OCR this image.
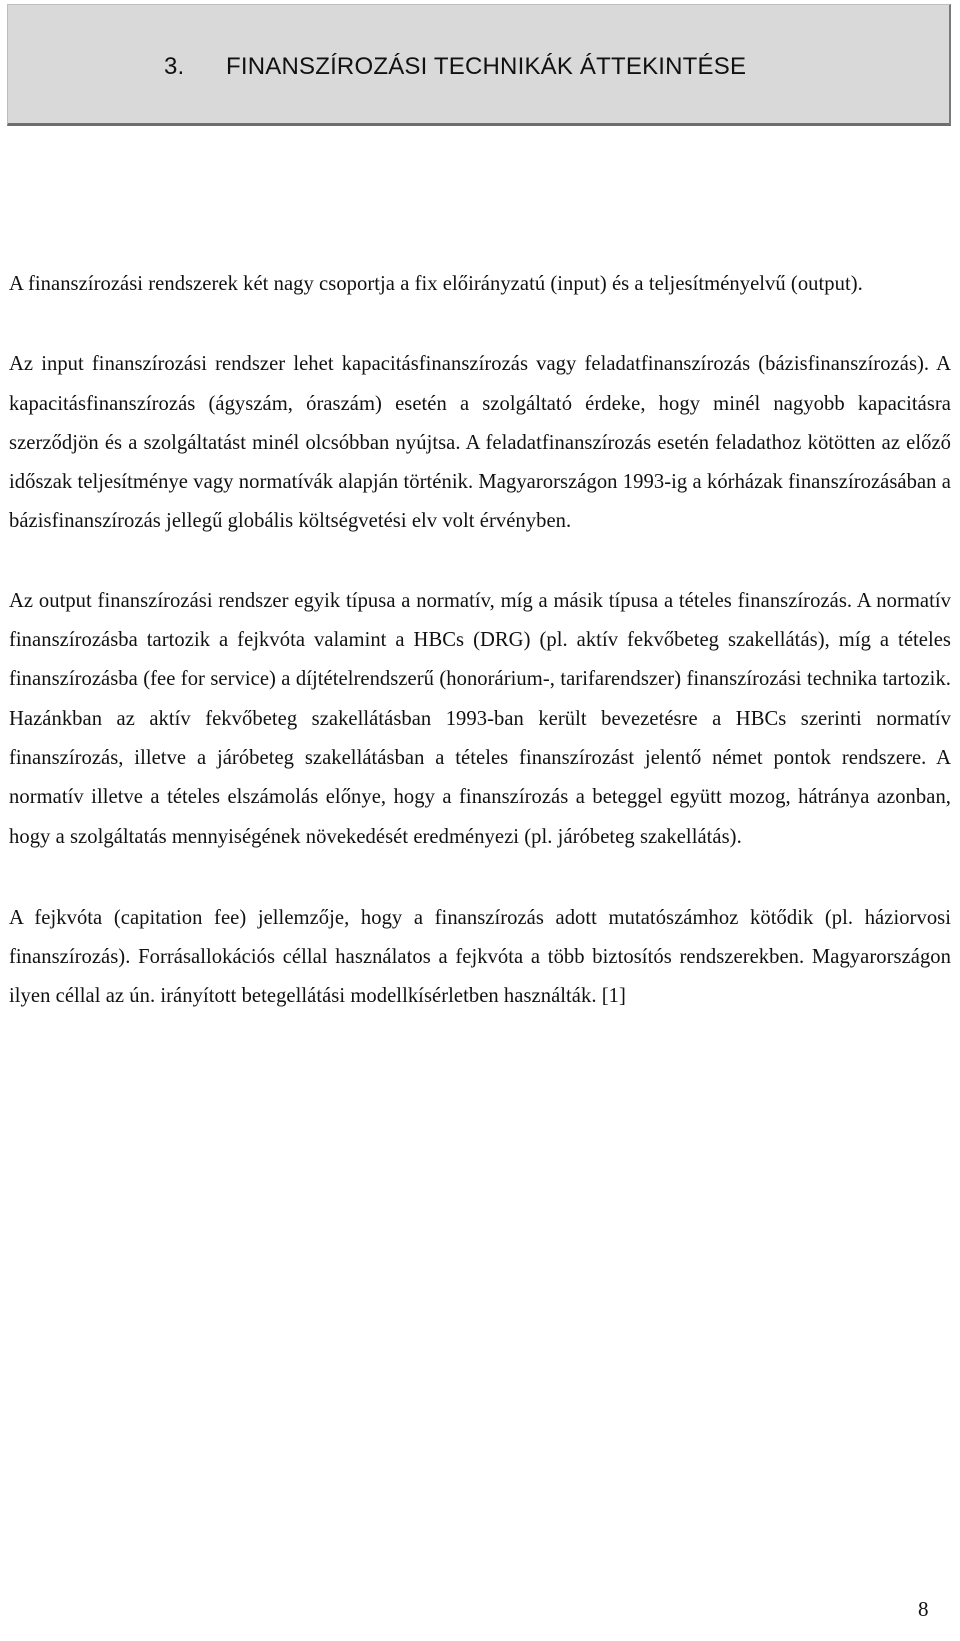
3. FINANSZÍROZÁSI TECHNIKÁK ÁTTEKINTÉSE

A finanszírozási rendszerek két nagy csoportja a fix előirányzatú (input) és a teljesítményelvű (output).

Az input finanszírozási rendszer lehet kapacitásfinanszírozás vagy feladatfinanszírozás (bázisfinanszírozás). A kapacitásfinanszírozás (ágyszám, óraszám) esetén a szolgáltató érdeke, hogy minél nagyobb kapacitásra szerződjön és a szolgáltatást minél olcsóbban nyújtsa. A feladatfinanszírozás esetén feladathoz kötötten az előző időszak teljesítménye vagy normatívák alapján történik. Magyarországon 1993-ig a kórházak finanszírozásában a bázisfinanszírozás jellegű globális költségvetési elv volt érvényben.

Az output finanszírozási rendszer egyik típusa a normatív, míg a másik típusa a tételes finanszírozás. A normatív finanszírozásba tartozik a fejkvóta valamint a HBCs (DRG) (pl. aktív fekvőbeteg szakellátás), míg a tételes finanszírozásba (fee for service) a díjtételrendszerű (honorárium-, tarifarendszer) finanszírozási technika tartozik. Hazánkban az aktív fekvőbeteg szakellátásban 1993-ban került bevezetésre a HBCs szerinti normatív finanszírozás, illetve a járóbeteg szakellátásban a tételes finanszírozást jelentő német pontok rendszere. A normatív illetve a tételes elszámolás előnye, hogy a finanszírozás a beteggel együtt mozog, hátránya azonban, hogy a szolgáltatás mennyiségének növekedését eredményezi (pl. járóbeteg szakellátás).

A fejkvóta (capitation fee) jellemzője, hogy a finanszírozás adott mutatószámhoz kötődik (pl. háziorvosi finanszírozás). Forrásallokációs céllal használatos a fejkvóta a több biztosítós rendszerekben. Magyarországon ilyen céllal az ún. irányított betegellátási modellkísérletben használták. [1]

8
